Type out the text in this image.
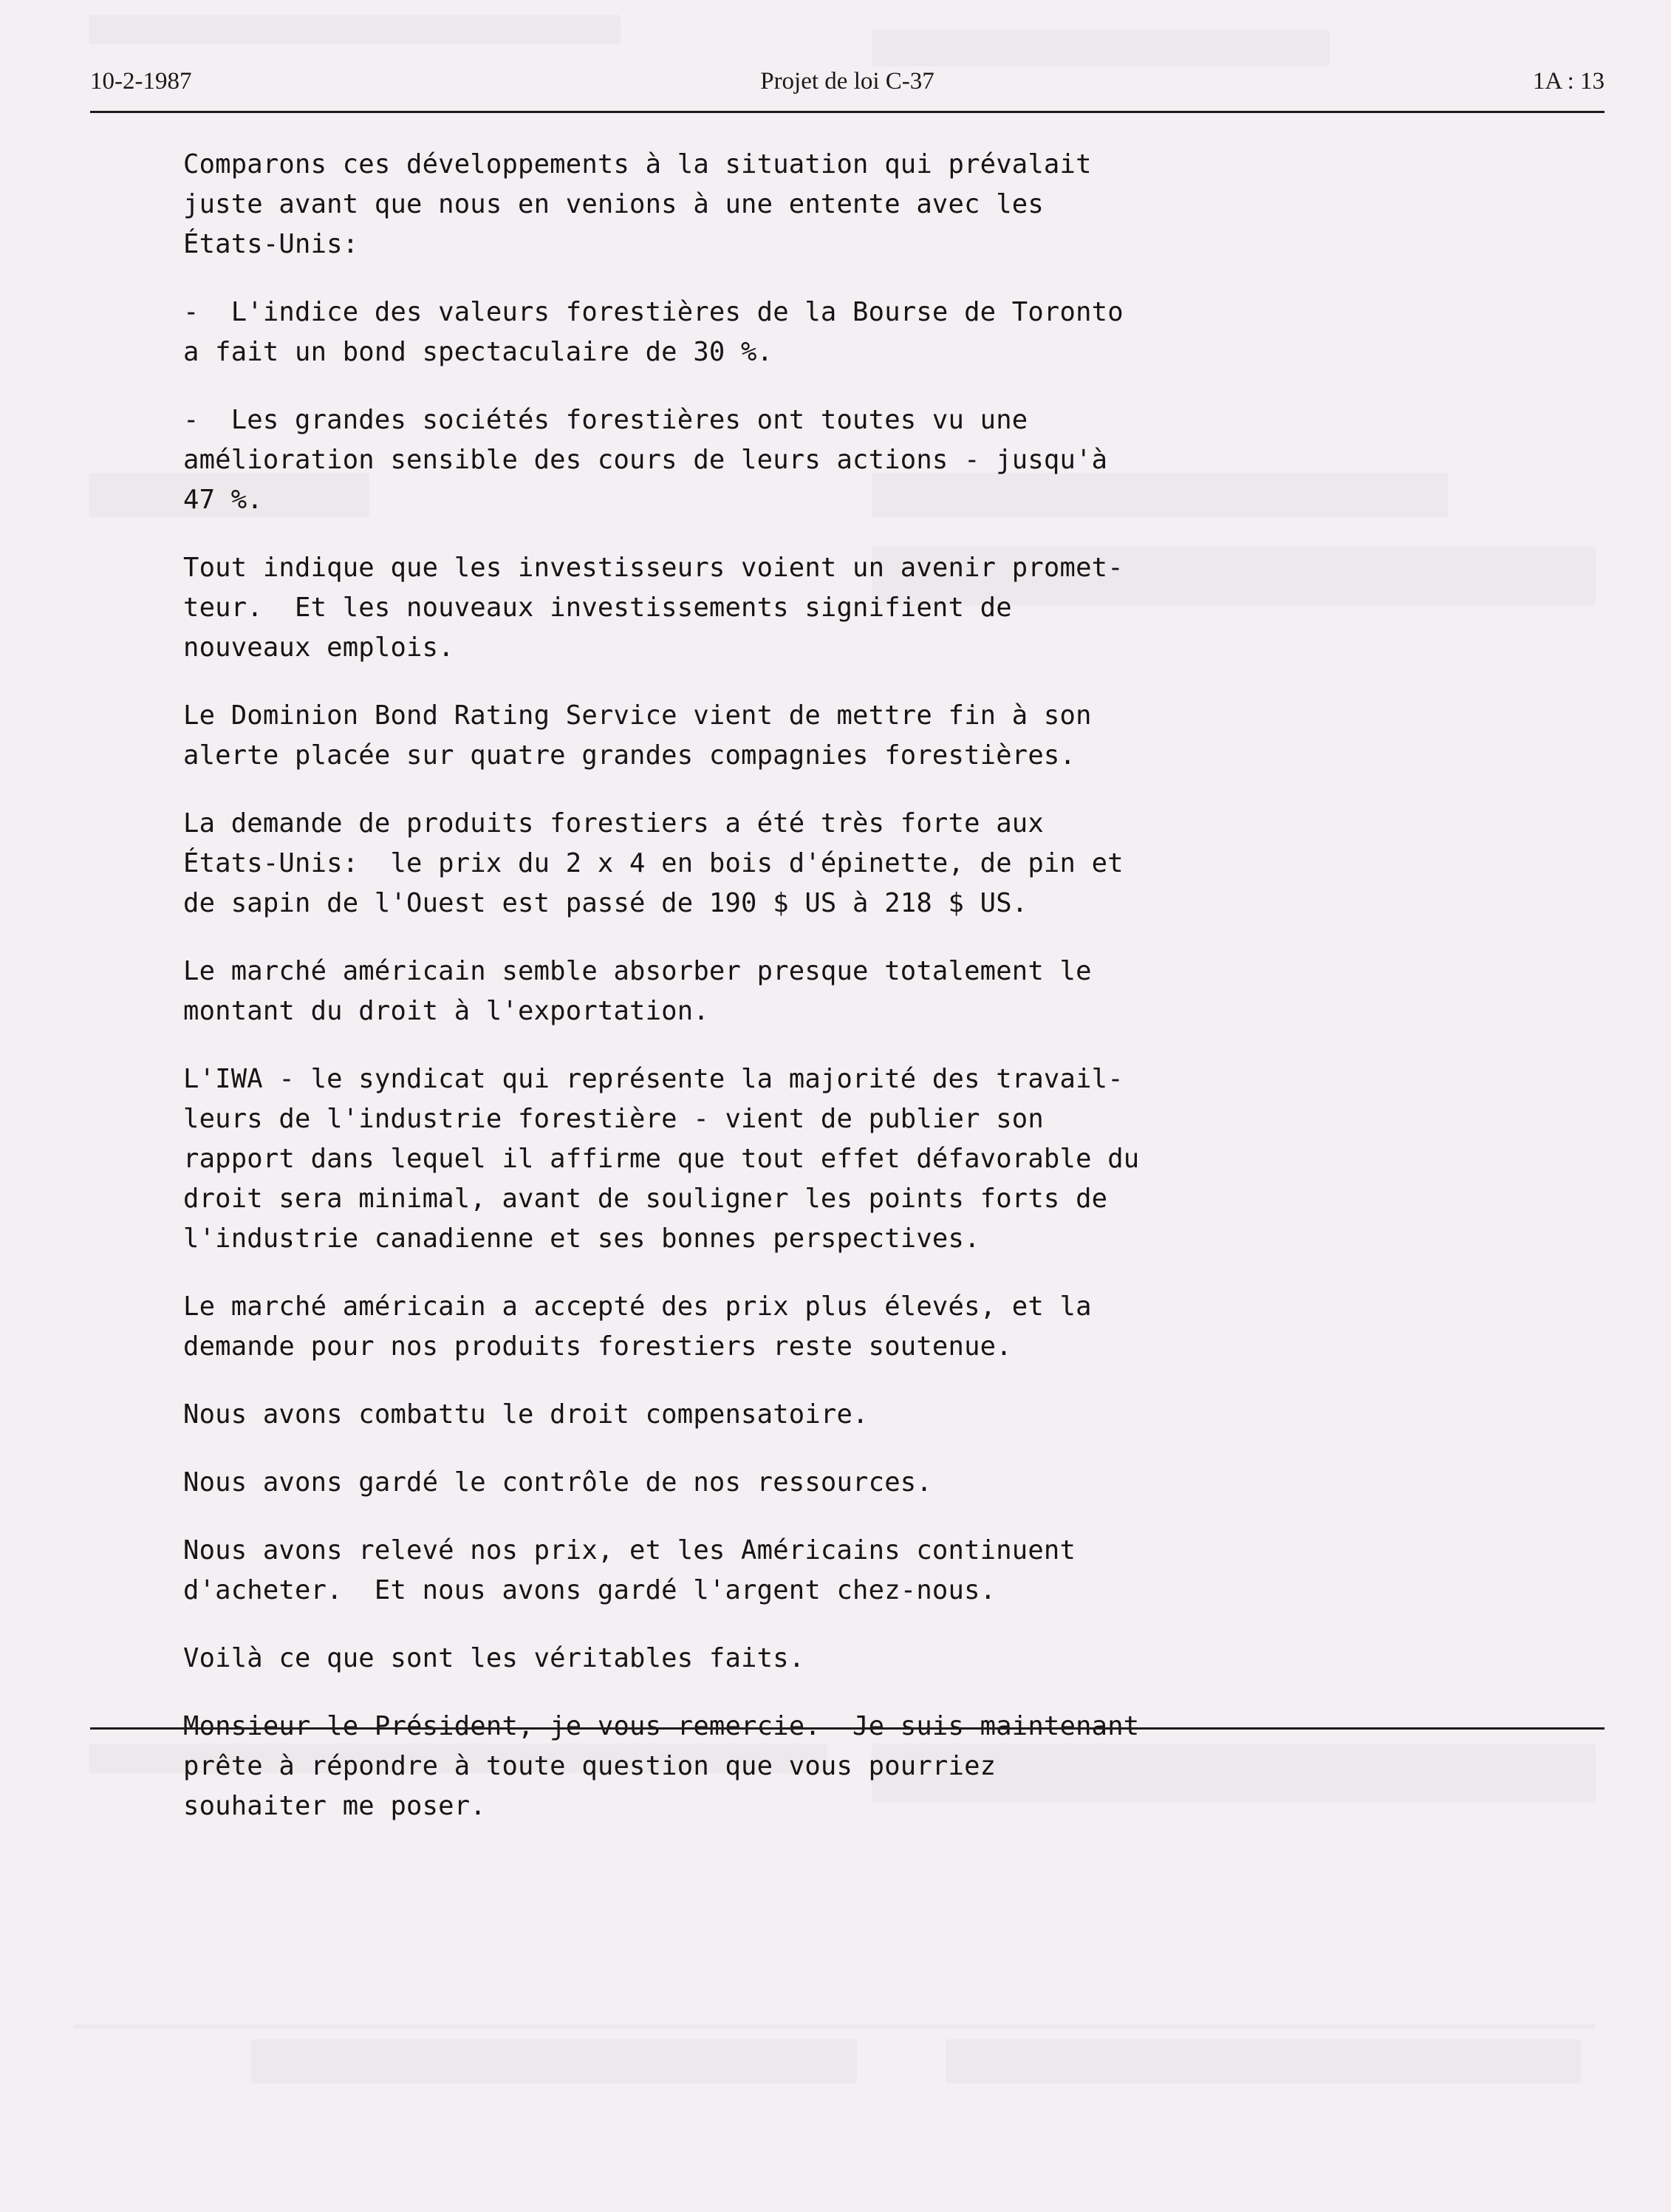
10-2-1987	Projet de loi C-37	1A : 13

Comparons ces développements à la situation qui prévalait
juste avant que nous en venions à une entente avec les
États-Unis:

-  L'indice des valeurs forestières de la Bourse de Toronto
a fait un bond spectaculaire de 30 %.

-  Les grandes sociétés forestières ont toutes vu une
amélioration sensible des cours de leurs actions - jusqu'à
47 %.

Tout indique que les investisseurs voient un avenir promet-
teur.  Et les nouveaux investissements signifient de
nouveaux emplois.

Le Dominion Bond Rating Service vient de mettre fin à son
alerte placée sur quatre grandes compagnies forestières.

La demande de produits forestiers a été très forte aux
États-Unis:  le prix du 2 x 4 en bois d'épinette, de pin et
de sapin de l'Ouest est passé de 190 $ US à 218 $ US.

Le marché américain semble absorber presque totalement le
montant du droit à l'exportation.

L'IWA - le syndicat qui représente la majorité des travail-
leurs de l'industrie forestière - vient de publier son
rapport dans lequel il affirme que tout effet défavorable du
droit sera minimal, avant de souligner les points forts de
l'industrie canadienne et ses bonnes perspectives.

Le marché américain a accepté des prix plus élevés, et la
demande pour nos produits forestiers reste soutenue.

Nous avons combattu le droit compensatoire.

Nous avons gardé le contrôle de nos ressources.

Nous avons relevé nos prix, et les Américains continuent
d'acheter.  Et nous avons gardé l'argent chez-nous.

Voilà ce que sont les véritables faits.

Monsieur le Président, je vous remercie.  Je suis maintenant
prête à répondre à toute question que vous pourriez
souhaiter me poser.
